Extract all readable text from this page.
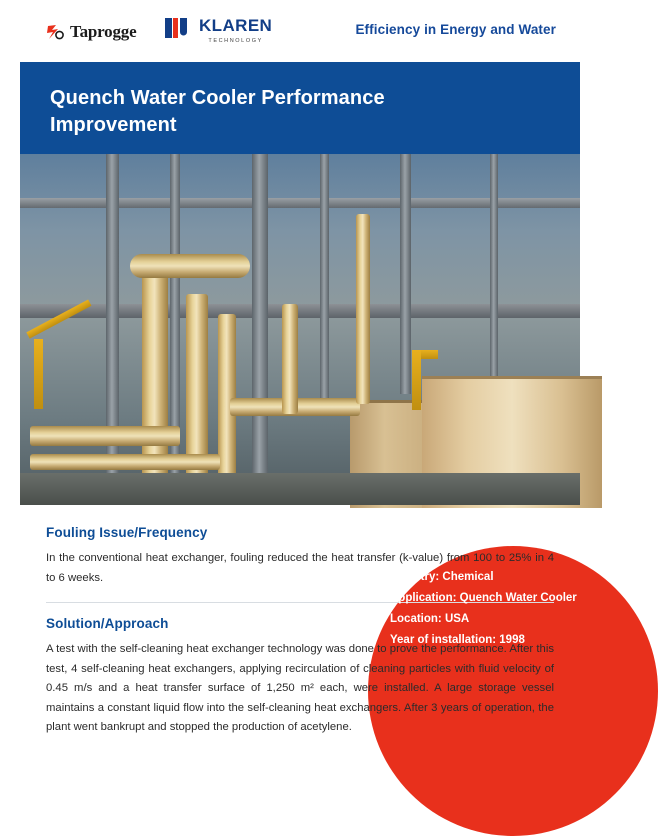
Taprogge	KLAREN
TECHNOLOGY
Efficiency in Energy and Water
Quench Water Cooler Performance Improvement
Industry: Chemical
Application: Quench Water Cooler
Location: USA
Year of installation: 1998
Fouling Issue/Frequency

In the conventional heat exchanger, fouling reduced the heat transfer (k-value) from 100 to 25% in 4 to 6 weeks.

Solution/Approach

A test with the self-cleaning heat exchanger technology was done to prove the performance. After this test, 4 self-cleaning heat exchangers, applying recirculation of cleaning particles with fluid velocity of 0.45 m/s and a heat transfer surface of 1,250 m² each, were installed. A large storage vessel maintains a constant liquid flow into the self-cleaning heat exchangers. After 3 years of operation, the plant went bankrupt and stopped the production of acetylene.
